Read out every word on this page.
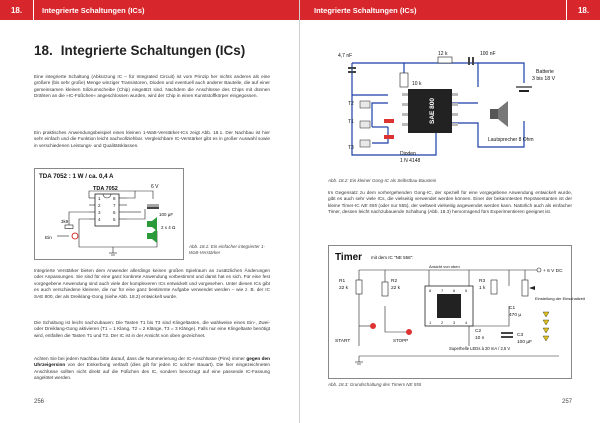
18.	Integrierte Schaltungen (ICs)
18. Integrierte Schaltungen (ICs)

Eine integrierte Schaltung (Abkürzung IC – für Integrated Circuit) ist vom Prinzip her nichts anderes als eine größere (bis sehr große) Menge winziger Transistoren, Dioden und eventuell auch anderer Bauteile, die auf einer gemeinsamen kleinen Siliziumscheibe (Chip) eingeätzt sind. Nachdem die Anschlüsse des Chips mit dünnen Drähten an die »IC-Füßchen« angeschlossen wurden, wird der Chip in einen Kunststoffkörper eingegossen.

Ein praktisches Anwendungsbeispiel eines kleinen 1-Watt-Verstärker-ICs zeigt Abb. 18.1. Der Nachbau ist hier sehr einfach und die Funktion leicht nachvollziehbar. Vergleichbare IC-Verstärker gibt es in großer Auswahl sowie in verschiedenen Leistungs- und Qualitätsklassen.

TDA 7052 : 1 W / ca. 0,4 A
TDA 7052
1
2
3
4
8
7
6
5
6 V
3k9
Ein
100 µF
2 x 4 Ω
Abb. 18.1: Ein einfacher integrierter 1-Watt-Verstärker

Integrierte Verstärker bieten dem Anwender allerdings keinen großen Spielraum an zusätzlichen Änderungen oder Anpassungen. Sie sind für eine ganz konkrete Anwendung vorbestimmt und damit hat es sich. Für eine fest vorgegebene Anwendung sind auch viele der komplexeren ICs entwickelt und vorgesehen. Unter diesen ICs gibt es auch verschiedene kleinere, die nur für eine ganz bestimmte Aufgabe verwendet werden – wie z. B. der IC SAE 800, der als Dreiklang-Gong (siehe Abb. 18.2) entwickelt wurde.

Die Schaltung ist leicht nachzubauen: Die Tasten T1 bis T3 sind Klingeltasten, die wahlweise einen Ein-, Zwei- oder Dreiklang-Gong aktivieren (T1 = 1 Klang, T2 = 2 Klänge, T3 = 3 Klänge). Falls nur eine Klingeltaste benötigt wird, entfallen die Tasten T1 und T2. Der IC ist in der Ansicht von oben gezeichnet.

Achten Sie bei jedem Nachbau bitte darauf, dass die Nummerierung der IC-Anschlüsse (Pins) immer gegen den Uhrzeigersinn von der Einkerbung verläuft (dies gilt für jeden IC solcher Bauart). Die hier eingezeichneten Anschlüsse sollten nicht direkt auf die Füßchen des IC, sondern bevorzugt auf eine passende IC-Fassung angelötet werden.

256
Integrierte Schaltungen (ICs)	18.
4,7 nF
10 k
12 k	100 nF
SAE 800
T2
T1
T3
Dioden
1 N 4148
Lautsprecher 8 Ohm
Batterie
3 bis 18 V
Abb. 18.2: Ein kleiner Gong-IC als Selbstbau-Baustein

Im Gegensatz zu dem vorhergehenden Gong-IC, der speziell für eine vorgegebene Anwendung entwickelt wurde, gibt es auch sehr viele ICs, die vielseitig verwendet werden können. Einer der bekanntesten Repräsentanten ist der kleine Timer-IC NE 555 (oder nur 555), der weltweit vielseitig angewendet werden kann. Natürlich auch als einfacher Timer, dessen leicht nachzubauende Schaltung (Abb. 18.3) hervorragend fürs Experimentieren geeignet ist.

Timer mit dem IC "NE 556":
R1
22 k
R2
22 k
Ansicht von oben
8 7 6 5
1 2 3 4
R3
1 k
+ 6 V DC
Einstellung der Einschaltzeit
C1
470 µ
C2
10 n
C3
100 µF
START	STOPP
Superhelle LEDs à 20 mA / 2,5 V
Abb. 18.3: Grundschaltung des Timers NE 555
257
